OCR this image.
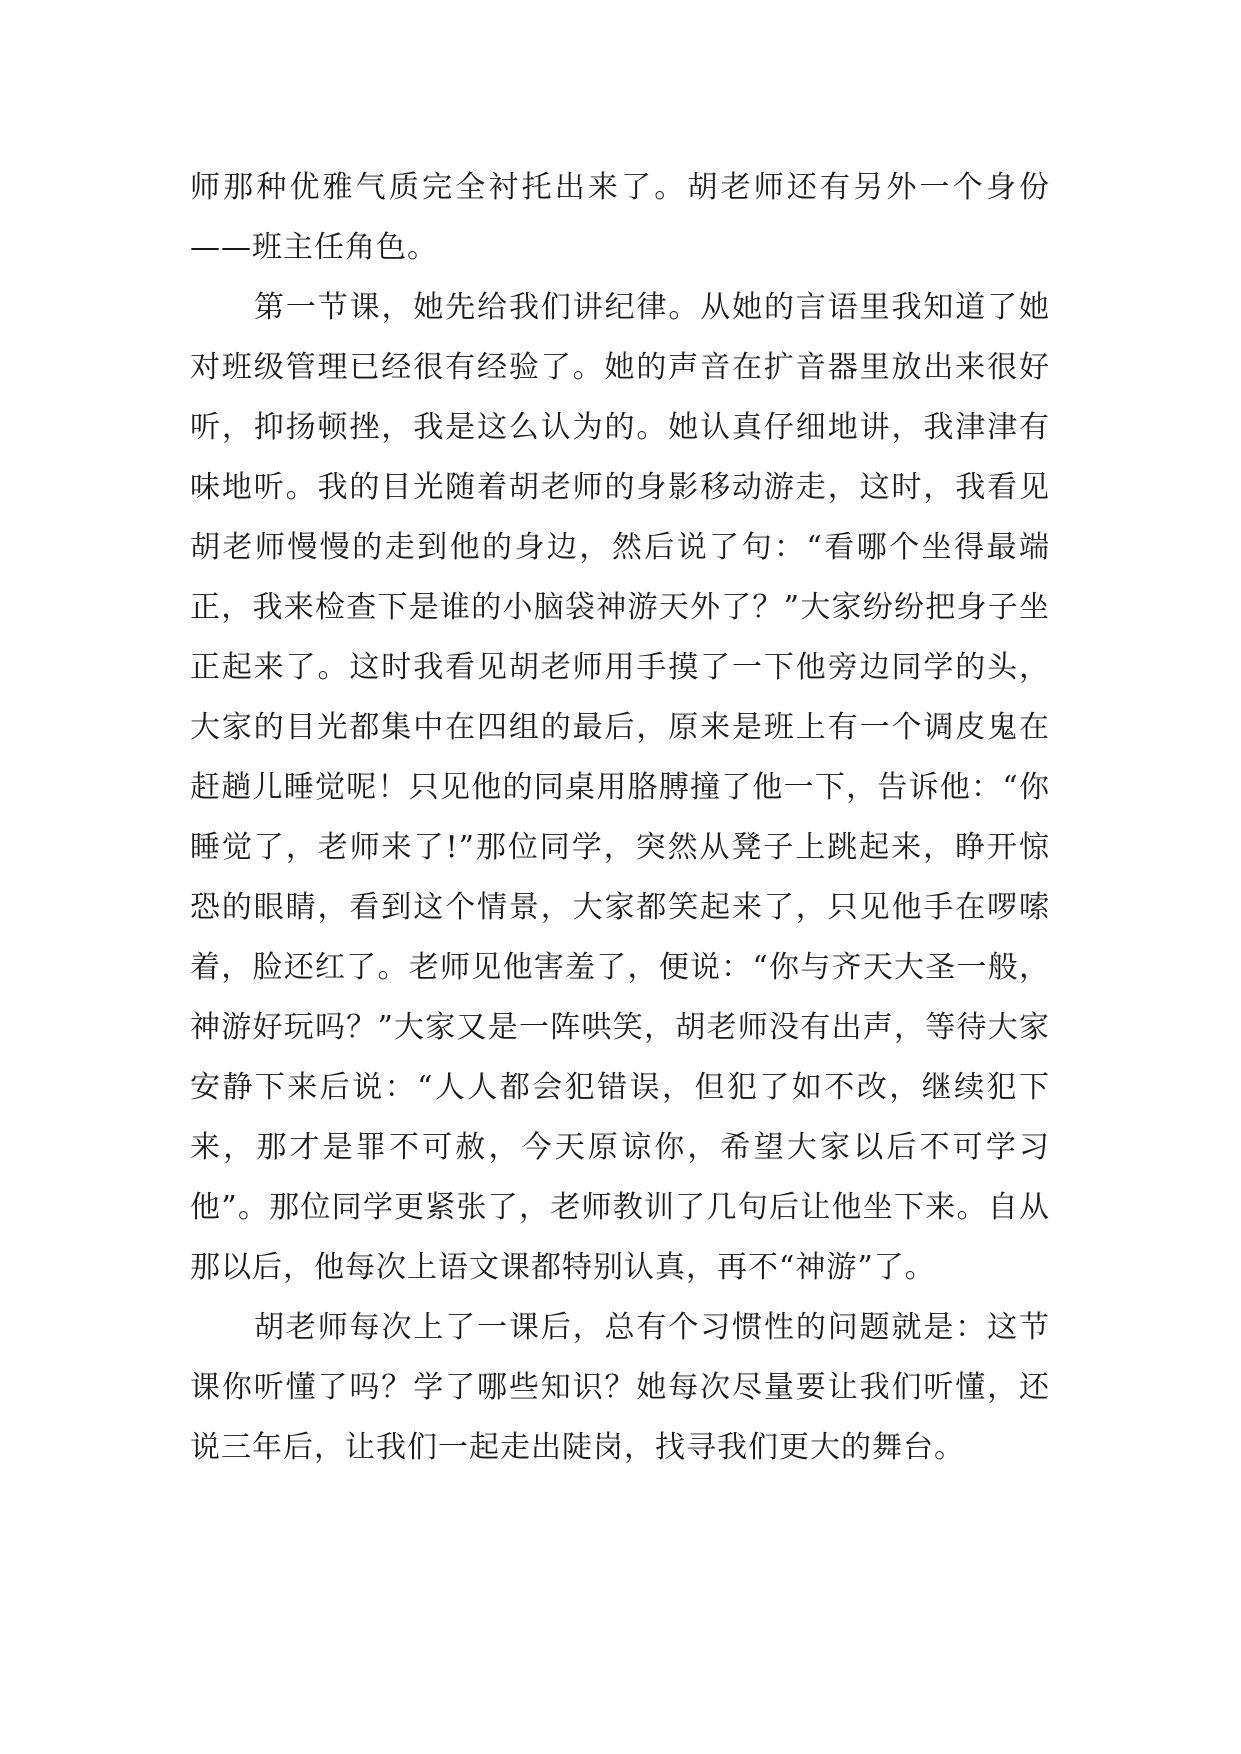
师那种优雅气质完全衬托出来了。胡老师还有另外一个身份——班主任角色。

第一节课，她先给我们讲纪律。从她的言语里我知道了她对班级管理已经很有经验了。她的声音在扩音器里放出来很好听，抑扬顿挫，我是这么认为的。她认真仔细地讲，我津津有味地听。我的目光随着胡老师的身影移动游走，这时，我看见胡老师慢慢的走到他的身边，然后说了句：“看哪个坐得最端正，我来检查下是谁的小脑袋神游天外了？”大家纷纷把身子坐正起来了。这时我看见胡老师用手摸了一下他旁边同学的头，大家的目光都集中在四组的最后，原来是班上有一个调皮鬼在赶趟儿睡觉呢！只见他的同桌用胳膊撞了他一下，告诉他：“你睡觉了，老师来了!”那位同学，突然从凳子上跳起来，睁开惊恐的眼睛，看到这个情景，大家都笑起来了，只见他手在啰嗦着，脸还红了。老师见他害羞了，便说：“你与齐天大圣一般，神游好玩吗？”大家又是一阵哄笑，胡老师没有出声，等待大家安静下来后说：“人人都会犯错误，但犯了如不改，继续犯下来，那才是罪不可赦，今天原谅你，希望大家以后不可学习他”。那位同学更紧张了，老师教训了几句后让他坐下来。自从那以后，他每次上语文课都特别认真，再不“神游”了。

胡老师每次上了一课后，总有个习惯性的问题就是：这节课你听懂了吗？学了哪些知识？她每次尽量要让我们听懂，还说三年后，让我们一起走出陡岗，找寻我们更大的舞台。
